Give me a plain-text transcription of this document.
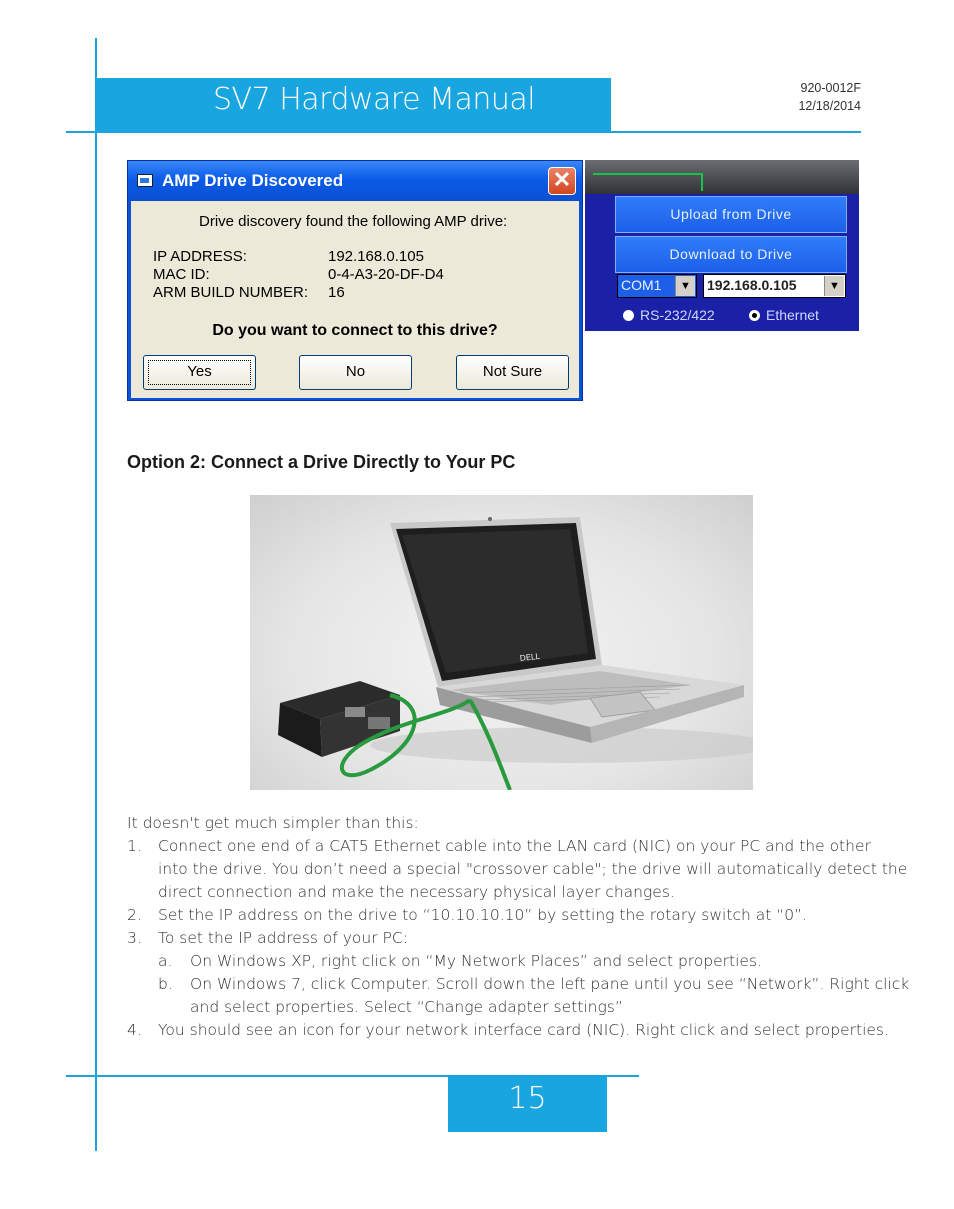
SV7 Hardware Manual	920-0012F
12/18/2014
AMP Drive Discovered	✕
Drive discovery found the following AMP drive:
IP ADDRESS:	192.168.0.105
MAC ID:	0-4-A3-20-DF-D4
ARM BUILD NUMBER: 16
Do you want to connect to this drive?
Yes	No	Not Sure
Upload from Drive
Download to Drive
COM1	▼ 192.168.0.105	▼
RS-232/422	Ethernet
Option 2: Connect a Drive Directly to Your PC
DELL
It doesn't get much simpler than this:
1. Connect one end of a CAT5 Ethernet cable into the LAN card (NIC) on your PC and the other
into the drive. You don’t need a special "crossover cable"; the drive will automatically detect the
direct connection and make the necessary physical layer changes.
2. Set the IP address on the drive to “10.10.10.10” by setting the rotary switch at “0”.
3. To set the IP address of your PC:
a. On Windows XP, right click on “My Network Places” and select properties.
b. On Windows 7, click Computer. Scroll down the left pane until you see “Network”. Right click
and select properties. Select “Change adapter settings”
4. You should see an icon for your network interface card (NIC). Right click and select properties.
15
